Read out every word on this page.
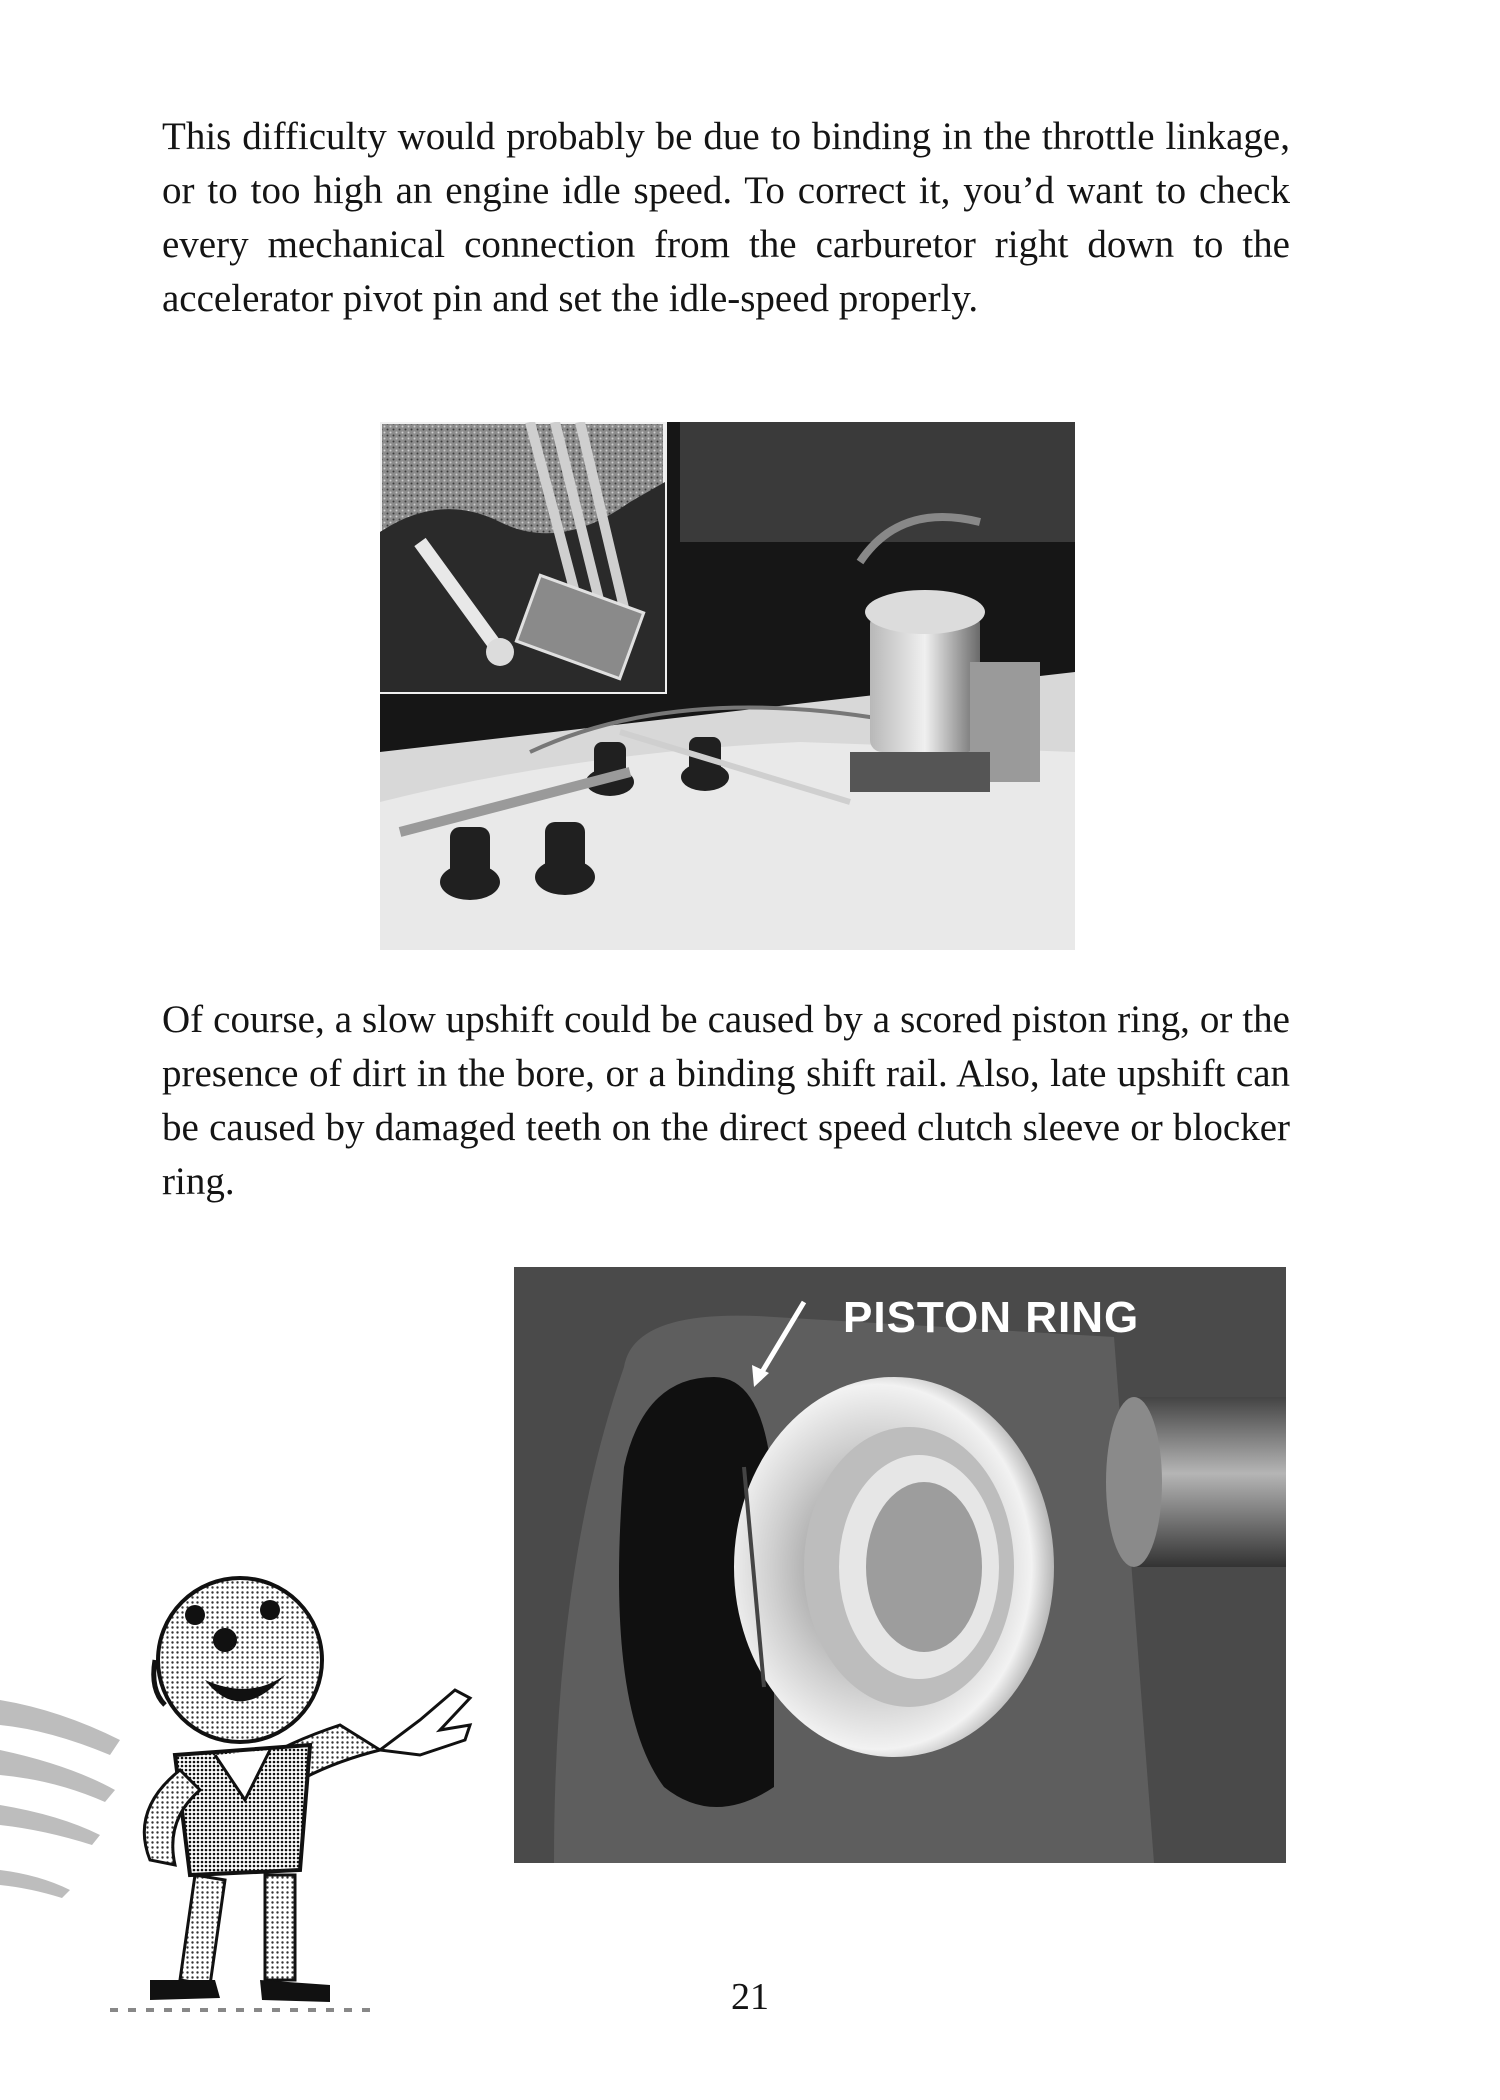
This difficulty would probably be due to binding in the throttle linkage, or to too high an engine idle speed. To correct it, you’d want to check every mechanical connection from the carburetor right down to the accelerator pivot pin and set the idle-speed properly.

Of course, a slow upshift could be caused by a scored piston ring, or the presence of dirt in the bore, or a binding shift rail. Also, late upshift can be caused by damaged teeth on the direct speed clutch sleeve or blocker ring.

PISTON RING
21
